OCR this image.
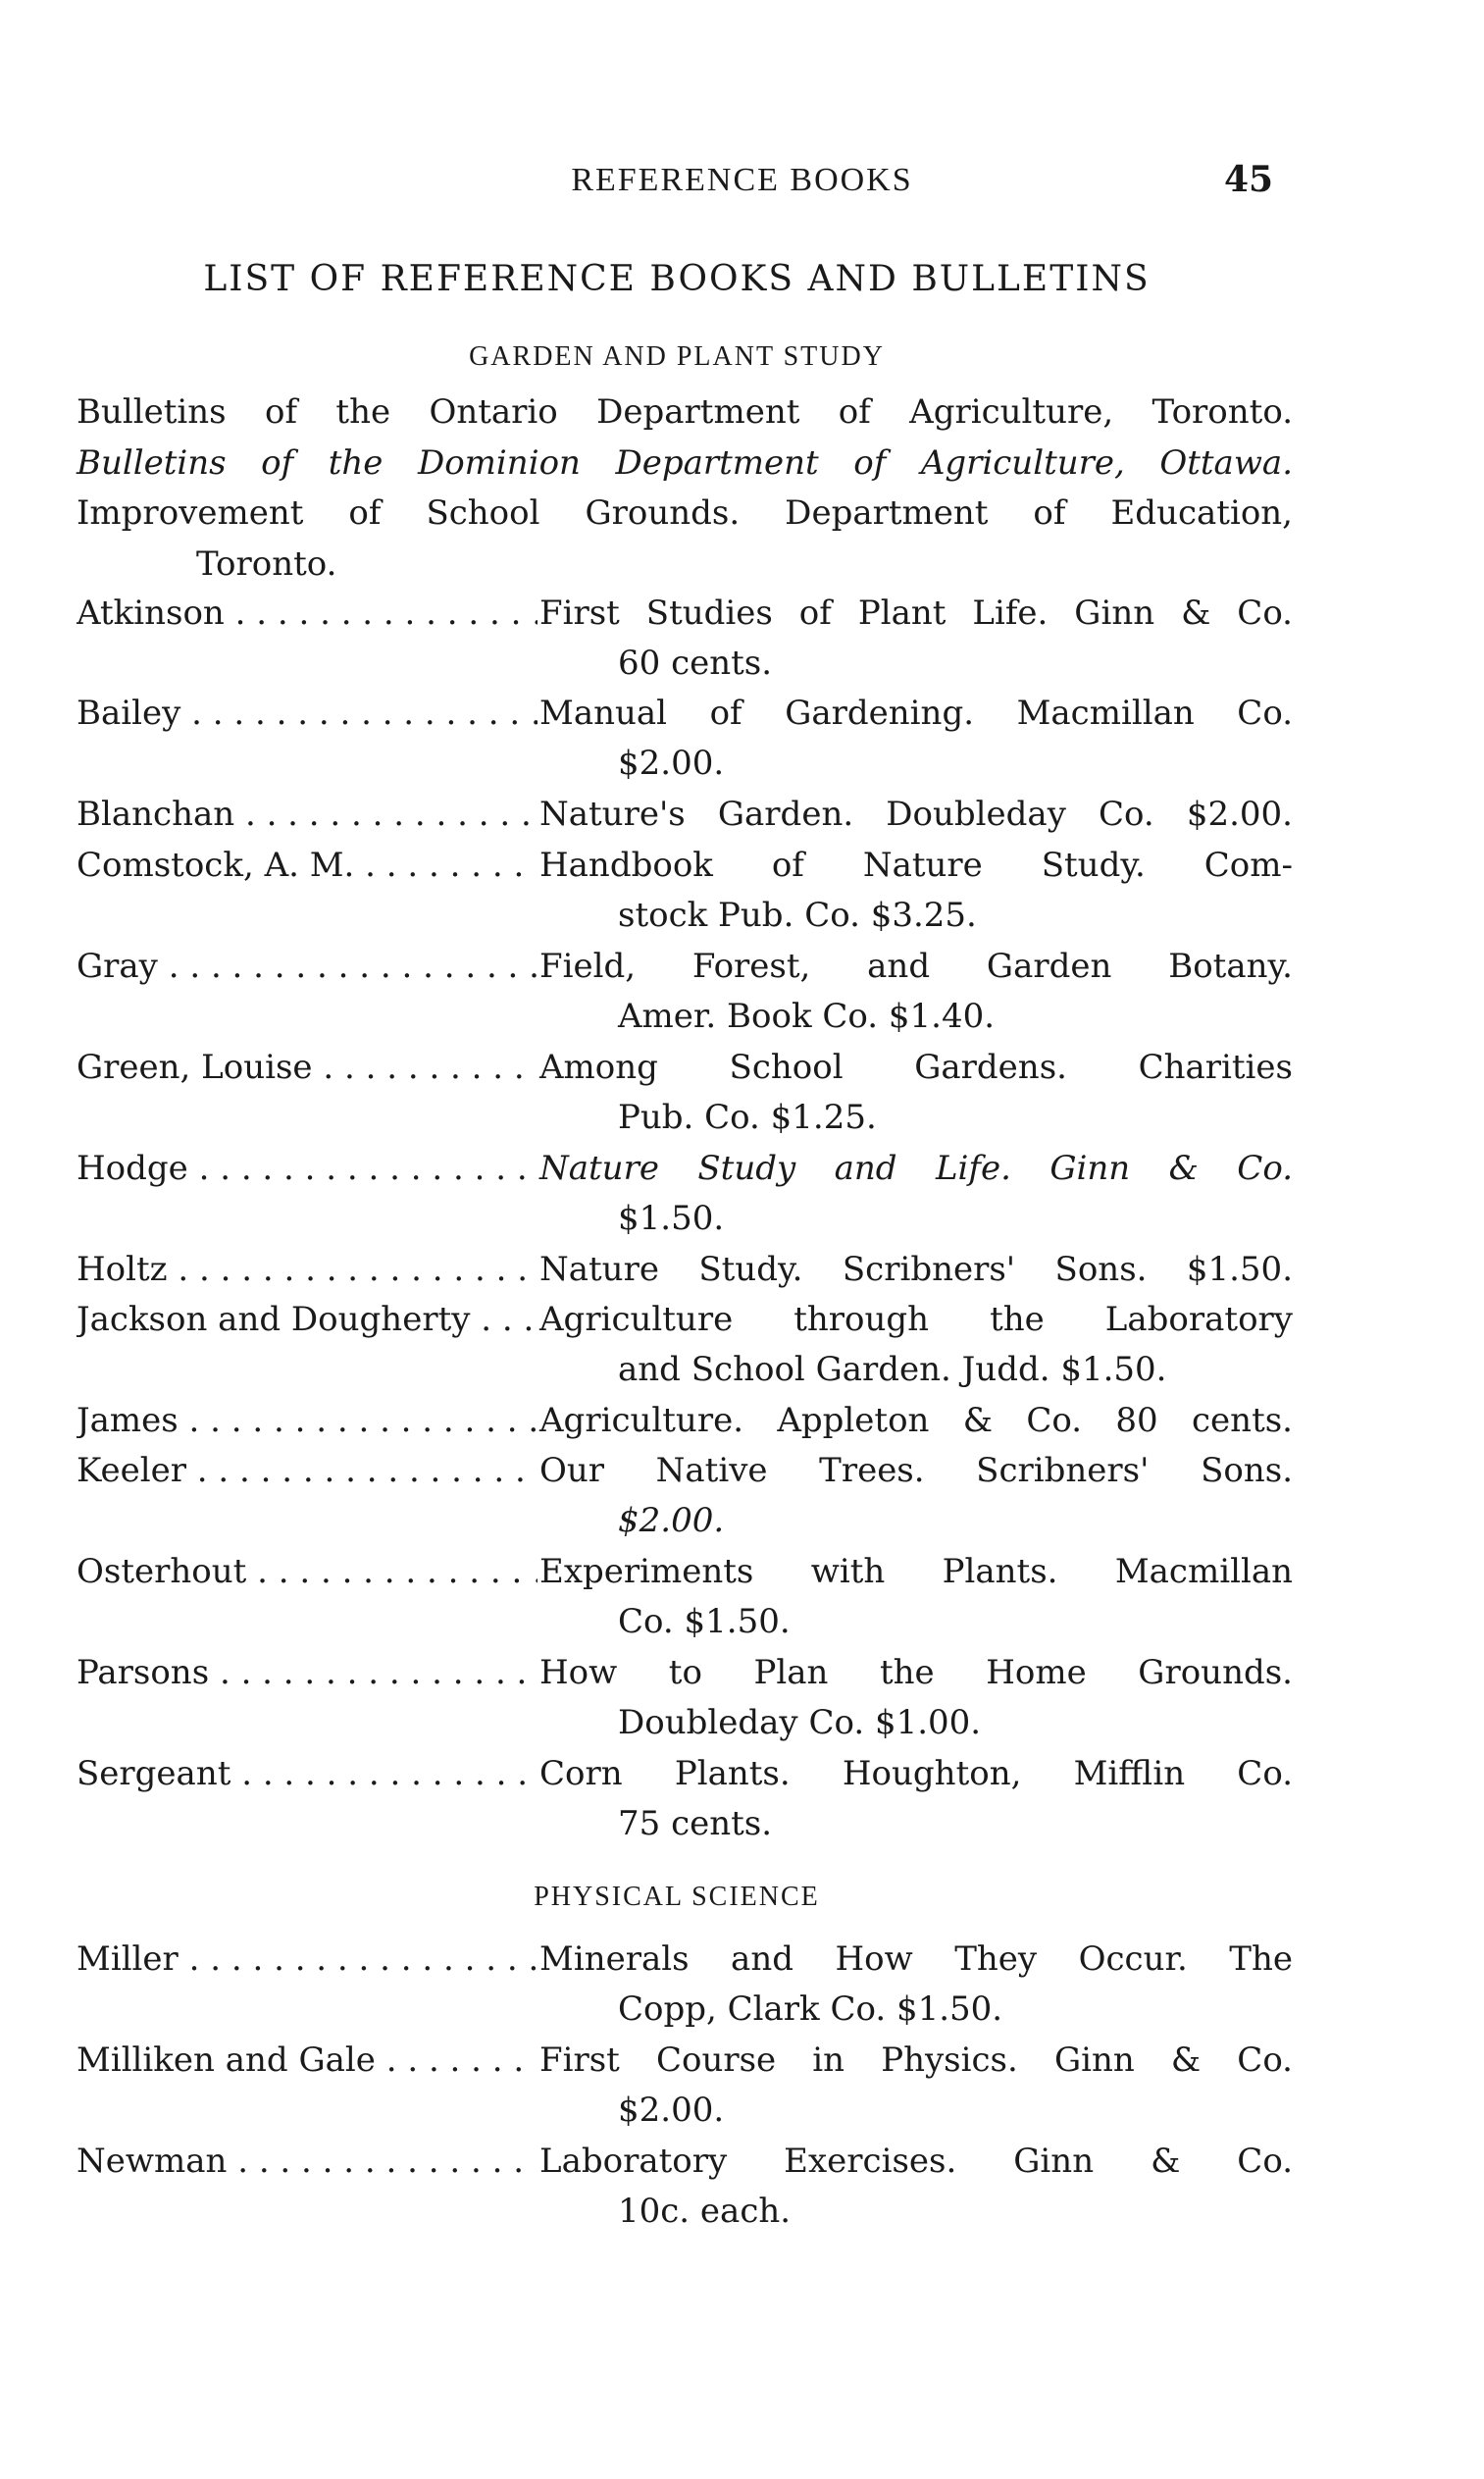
REFERENCE BOOKS	45
LIST OF REFERENCE BOOKS AND BULLETINS
GARDEN AND PLANT STUDY
Bulletins of the Ontario Department of Agriculture, Toronto.
Bulletins of the Dominion Department of Agriculture, Ottawa.
Improvement of School Grounds. Department of Education,
Toronto.
Atkinson . . .	First Studies of Plant Life. Ginn & Co.
60 cents.
Bailey . . .	Manual of Gardening. Macmillan Co.
$2.00.
Blanchan . . .	Nature's Garden. Doubleday Co. $2.00.
Comstock, A. M. . . .	Handbook of Nature Study. Com-
stock Pub. Co. $3.25.
Gray . . .	Field, Forest, and Garden Botany.
Amer. Book Co. $1.40.
Green, Louise . . .	Among School Gardens. Charities
Pub. Co. $1.25.
Hodge . . .	Nature Study and Life. Ginn & Co.
$1.50.
Holtz . . .	Nature Study. Scribners' Sons. $1.50.
Jackson and Dougherty . . .	Agriculture through the Laboratory
and School Garden. Judd. $1.50.
James . . .	Agriculture. Appleton & Co. 80 cents.
Keeler . . .	Our Native Trees. Scribners' Sons.
$2.00.
Osterhout . . .	Experiments with Plants. Macmillan
Co. $1.50.
Parsons . . .	How to Plan the Home Grounds.
Doubleday Co. $1.00.
Sergeant . . .	Corn Plants. Houghton, Mifflin Co.
75 cents.
PHYSICAL SCIENCE
Miller . . .	Minerals and How They Occur. The
Copp, Clark Co. $1.50.
Milliken and Gale . . .	First Course in Physics. Ginn & Co.
$2.00.
Newman . . .	Laboratory Exercises. Ginn & Co.
10c. each.
